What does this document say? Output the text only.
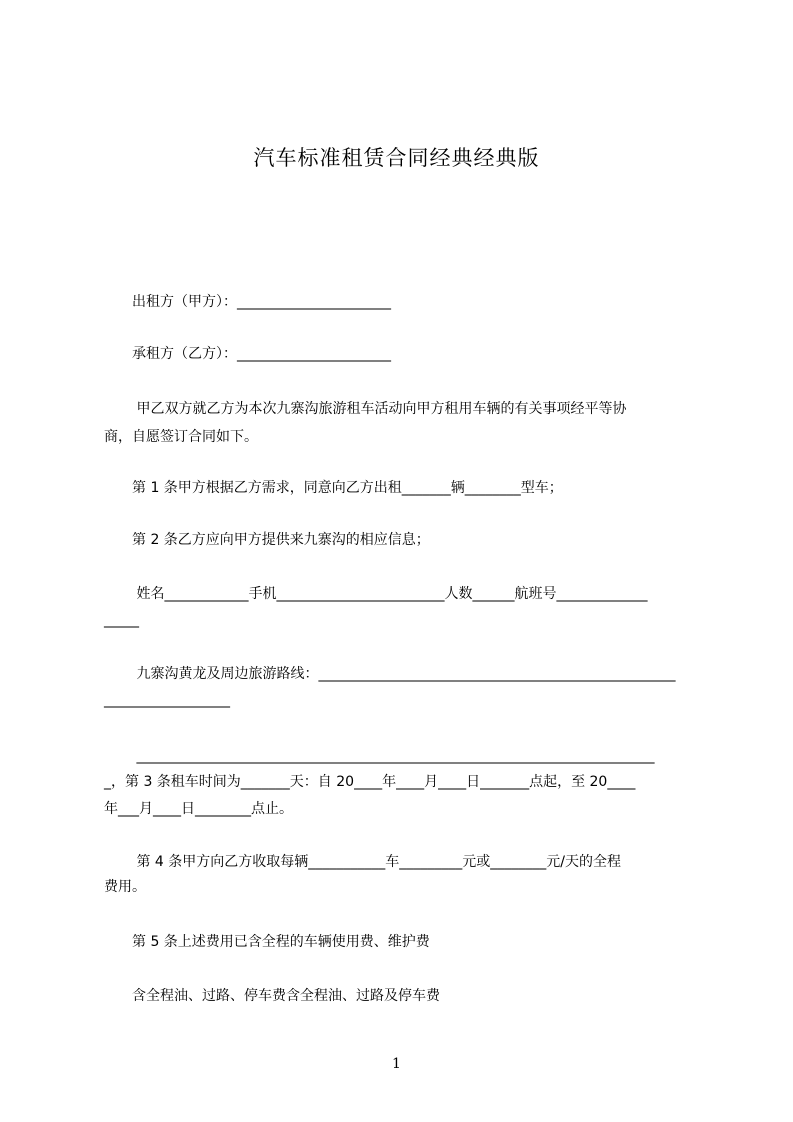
汽车标准租赁合同经典经典版
　　出租方（甲方）：______________________
　　承租方（乙方）：______________________
　　 甲乙双方就乙方为本次九寨沟旅游租车活动向甲方租用车辆的有关事项经平等协
商，自愿签订合同如下。
　　第 1 条甲方根据乙方需求，同意向乙方出租_______辆________型车；
　　第 2 条乙方应向甲方提供来九寨沟的相应信息；
　　 姓名____________手机________________________人数______航班号_____________
_____
　　 九寨沟黄龙及周边旅游路线：___________________________________________________
__________________
　　 __________________________________________________________________________
_，第 3 条租车时间为_______天：自 20____年____月____日_______点起，至 20____
年___月____日________点止。
　　 第 4 条甲方向乙方收取每辆___________车_________元或________元/天的全程
费用。
　　第 5 条上述费用已含全程的车辆使用费、维护费
　　含全程油、过路、停车费含全程油、过路及停车费
1
